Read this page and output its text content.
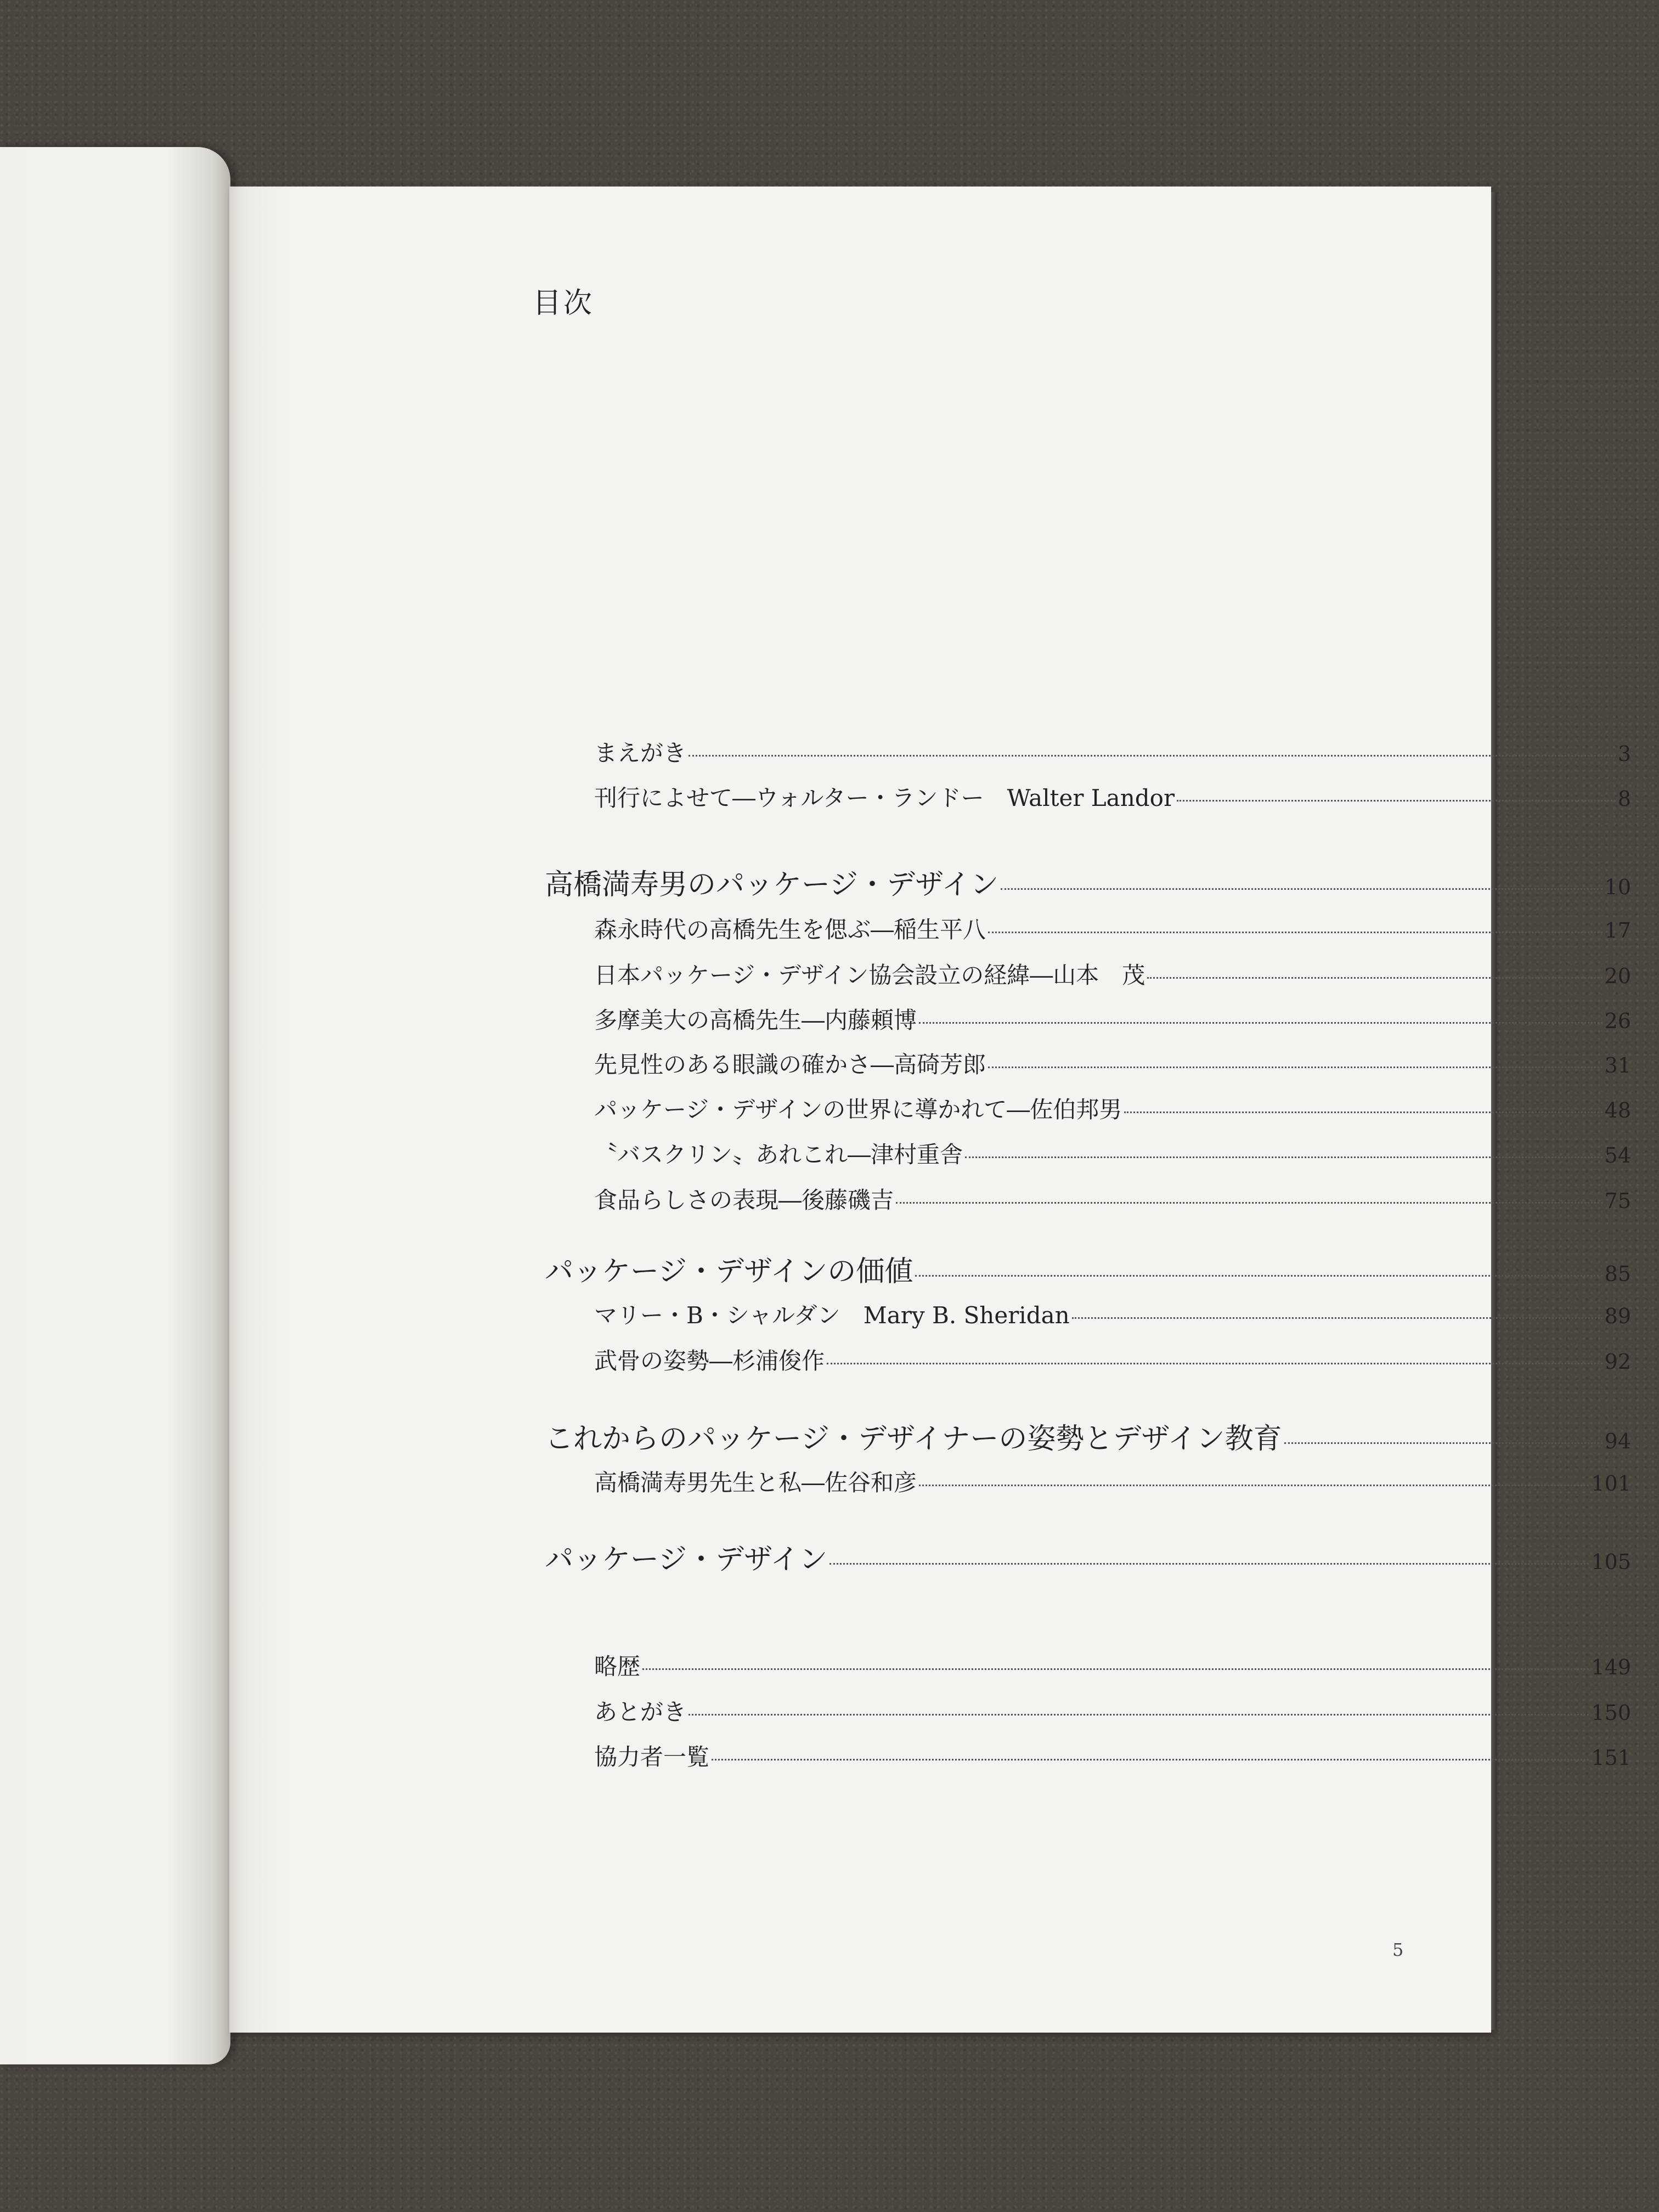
目次
まえがき	3
刊行によせて―ウォルター・ランドー　Walter Landor	8
高橋満寿男のパッケージ・デザイン	10
森永時代の高橋先生を偲ぶ―稲生平八	17
日本パッケージ・デザイン協会設立の経緯―山本　茂	20
多摩美大の高橋先生―内藤頼博	26
先見性のある眼識の確かさ―高碕芳郎	31
パッケージ・デザインの世界に導かれて―佐伯邦男	48
〝バスクリン〟あれこれ―津村重舎	54
食品らしさの表現―後藤磯吉	75
パッケージ・デザインの価値	85
マリー・B・シャルダン　Mary B. Sheridan	89
武骨の姿勢―杉浦俊作	92
これからのパッケージ・デザイナーの姿勢とデザイン教育	94
高橋満寿男先生と私―佐谷和彦	101
パッケージ・デザイン	105
略歴	149
あとがき	150
協力者一覧	151
5
